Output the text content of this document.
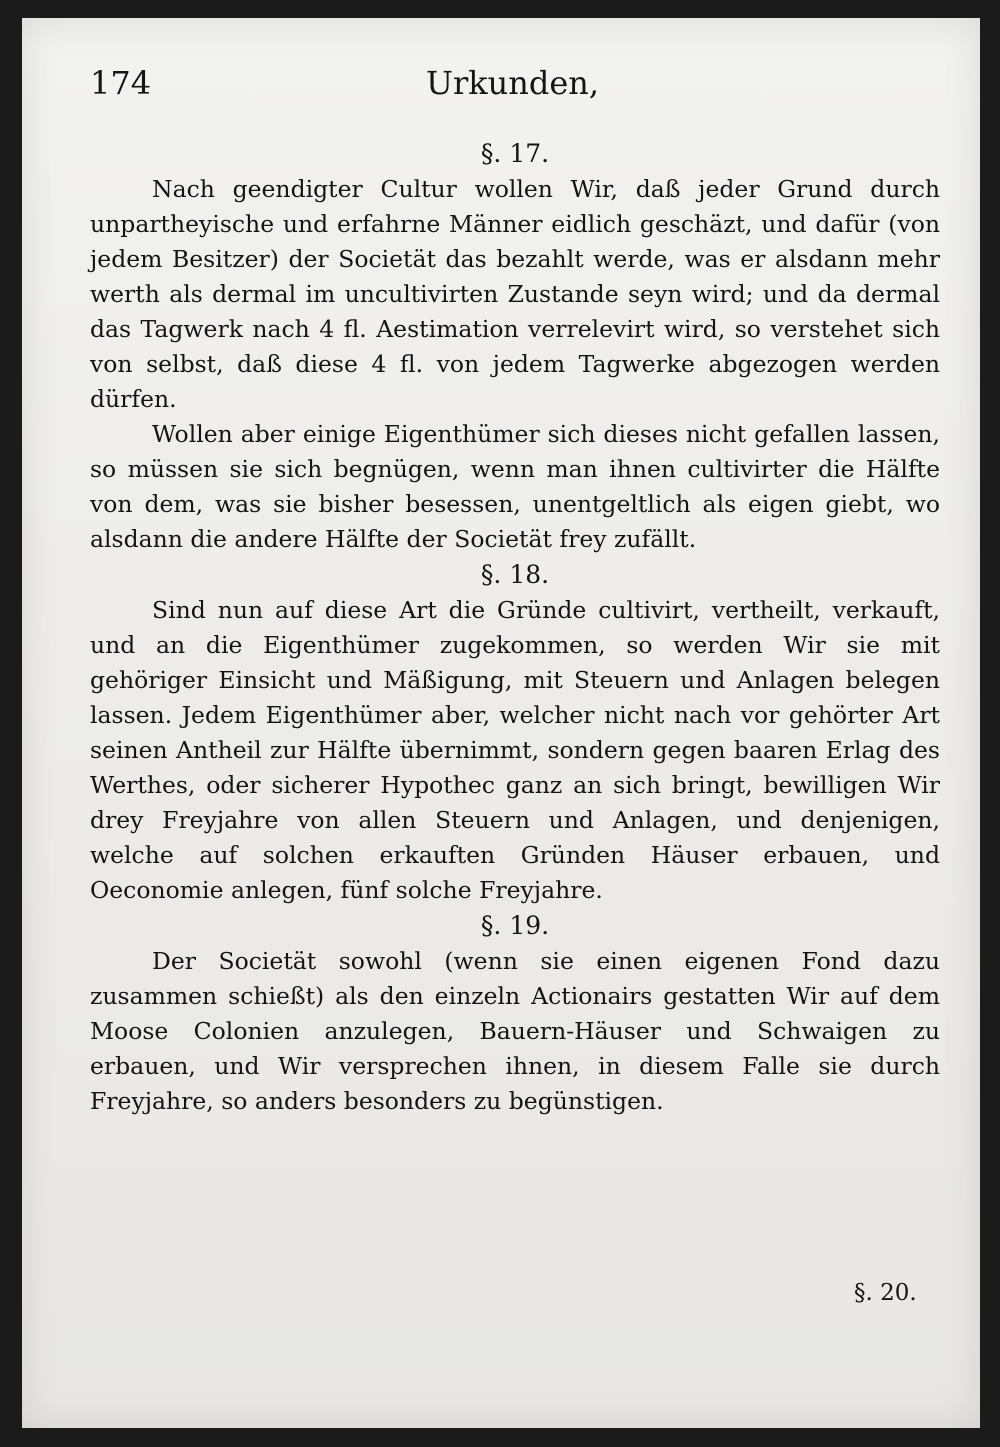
174	Urkunden,
§. 17.

Nach geendigter Cultur wollen Wir, daß jeder Grund durch unpartheyische und erfahrne Männer eidlich geschäzt, und dafür (von jedem Besitzer) der Societät das bezahlt werde, was er alsdann mehr werth als dermal im uncultivirten Zustande seyn wird; und da dermal das Tagwerk nach 4 fl. Aestimation verrelevirt wird, so verstehet sich von selbst, daß diese 4 fl. von jedem Tagwerke abgezogen werden dürfen.

Wollen aber einige Eigenthümer sich dieses nicht gefallen lassen, so müssen sie sich begnügen, wenn man ihnen cultivirter die Hälfte von dem, was sie bisher besessen, unentgeltlich als eigen giebt, wo alsdann die andere Hälfte der Societät frey zufällt.

§. 18.

Sind nun auf diese Art die Gründe cultivirt, vertheilt, verkauft, und an die Eigenthümer zugekommen, so werden Wir sie mit gehöriger Einsicht und Mäßigung, mit Steuern und Anlagen belegen lassen. Jedem Eigenthümer aber, welcher nicht nach vor gehörter Art seinen Antheil zur Hälfte übernimmt, sondern gegen baaren Erlag des Werthes, oder sicherer Hypothec ganz an sich bringt, bewilligen Wir drey Freyjahre von allen Steuern und Anlagen, und denjenigen, welche auf solchen erkauften Gründen Häuser erbauen, und Oeconomie anlegen, fünf solche Freyjahre.

§. 19.

Der Societät sowohl (wenn sie einen eigenen Fond dazu zusammen schießt) als den einzeln Actionairs gestatten Wir auf dem Moose Colonien anzulegen, Bauern-Häuser und Schwaigen zu erbauen, und Wir versprechen ihnen, in diesem Falle sie durch Freyjahre, so anders besonders zu begünstigen.

§. 20.
